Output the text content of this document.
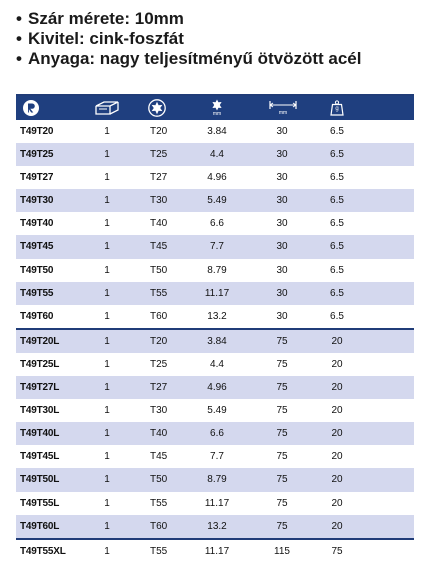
• Szár mérete: 10mm
• Kivitel: cink-foszfát
• Anyaga: nagy teljesítményű ötvözött acél
mm	mm
g
T49T20	1	T20	3.84	30	6.5
T49T25	1	T25	4.4	30	6.5
T49T27	1	T27	4.96	30	6.5
T49T30	1	T30	5.49	30	6.5
T49T40	1	T40	6.6	30	6.5
T49T45	1	T45	7.7	30	6.5
T49T50	1	T50	8.79	30	6.5
T49T55	1	T55	11.17	30	6.5
T49T60	1	T60	13.2	30	6.5
T49T20L	1	T20	3.84	75	20
T49T25L	1	T25	4.4	75	20
T49T27L	1	T27	4.96	75	20
T49T30L	1	T30	5.49	75	20
T49T40L	1	T40	6.6	75	20
T49T45L	1	T45	7.7	75	20
T49T50L	1	T50	8.79	75	20
T49T55L	1	T55	11.17	75	20
T49T60L	1	T60	13.2	75	20
T49T55XL	1	T55	11.17	115	75
